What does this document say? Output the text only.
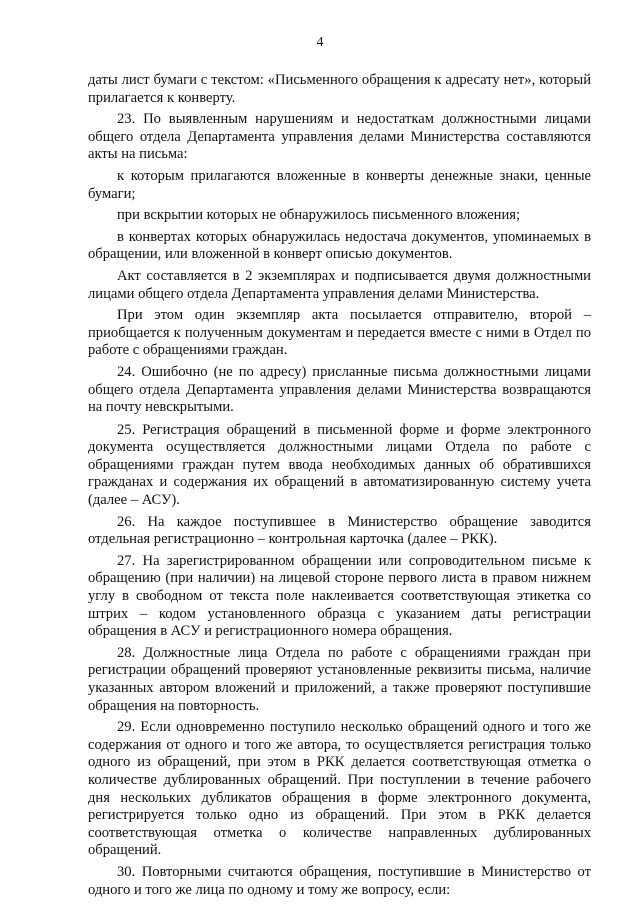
4

даты лист бумаги с текстом: «Письменного обращения к адресату нет», который прилагается к конверту.

23. По выявленным нарушениям и недостаткам должностными лицами общего отдела Департамента управления делами Министерства составляются акты на письма:

к которым прилагаются вложенные в конверты денежные знаки, ценные бумаги;

при вскрытии которых не обнаружилось письменного вложения;

в конвертах которых обнаружилась недостача документов, упоминаемых в обращении, или вложенной в конверт описью документов.

Акт составляется в 2 экземплярах и подписывается двумя должностными лицами общего отдела Департамента управления делами Министерства.

При этом один экземпляр акта посылается отправителю, второй – приобщается к полученным документам и передается вместе с ними в Отдел по работе с обращениями граждан.

24. Ошибочно (не по адресу) присланные письма должностными лицами общего отдела Департамента управления делами Министерства возвращаются на почту невскрытыми.

25. Регистрация обращений в письменной форме и форме электронного документа осуществляется должностными лицами Отдела по работе с обращениями граждан путем ввода необходимых данных об обратившихся гражданах и содержания их обращений в автоматизированную систему учета (далее – АСУ).

26. На каждое поступившее в Министерство обращение заводится отдельная регистрационно – контрольная карточка (далее – РКК).

27. На зарегистрированном обращении или сопроводительном письме к обращению (при наличии) на лицевой стороне первого листа в правом нижнем углу в свободном от текста поле наклеивается соответствующая этикетка со штрих – кодом установленного образца с указанием даты регистрации обращения в АСУ и регистрационного номера обращения.

28. Должностные лица Отдела по работе с обращениями граждан при регистрации обращений проверяют установленные реквизиты письма, наличие указанных автором вложений и приложений, а также проверяют поступившие обращения на повторность.

29. Если одновременно поступило несколько обращений одного и того же содержания от одного и того же автора, то осуществляется регистрация только одного из обращений, при этом в РКК делается соответствующая отметка о количестве дублированных обращений. При поступлении в течение рабочего дня нескольких дубликатов обращения в форме электронного документа, регистрируется только одно из обращений. При этом в РКК делается соответствующая отметка о количестве направленных дублированных обращений.

30. Повторными считаются обращения, поступившие в Министерство от одного и того же лица по одному и тому же вопросу, если:
